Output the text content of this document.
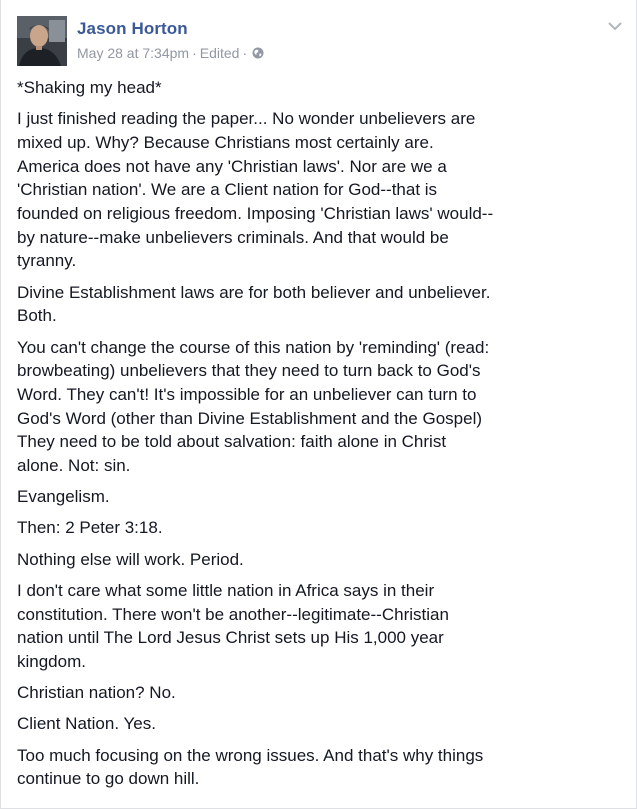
Jason Horton
May 28 at 7:34pm · Edited ·

*Shaking my head*

I just finished reading the paper... No wonder unbelievers are mixed up. Why? Because Christians most certainly are. America does not have any 'Christian laws'. Nor are we a 'Christian nation'. We are a Client nation for God--that is founded on religious freedom. Imposing 'Christian laws' would--by nature--make unbelievers criminals. And that would be tyranny.

Divine Establishment laws are for both believer and unbeliever. Both.

You can't change the course of this nation by 'reminding' (read: browbeating) unbelievers that they need to turn back to God's Word. They can't! It's impossible for an unbeliever can turn to God's Word (other than Divine Establishment and the Gospel) They need to be told about salvation: faith alone in Christ alone. Not: sin.

Evangelism.

Then: 2 Peter 3:18.

Nothing else will work. Period.

I don't care what some little nation in Africa says in their constitution. There won't be another--legitimate--Christian nation until The Lord Jesus Christ sets up His 1,000 year kingdom.

Christian nation? No.

Client Nation. Yes.

Too much focusing on the wrong issues. And that's why things continue to go down hill.
